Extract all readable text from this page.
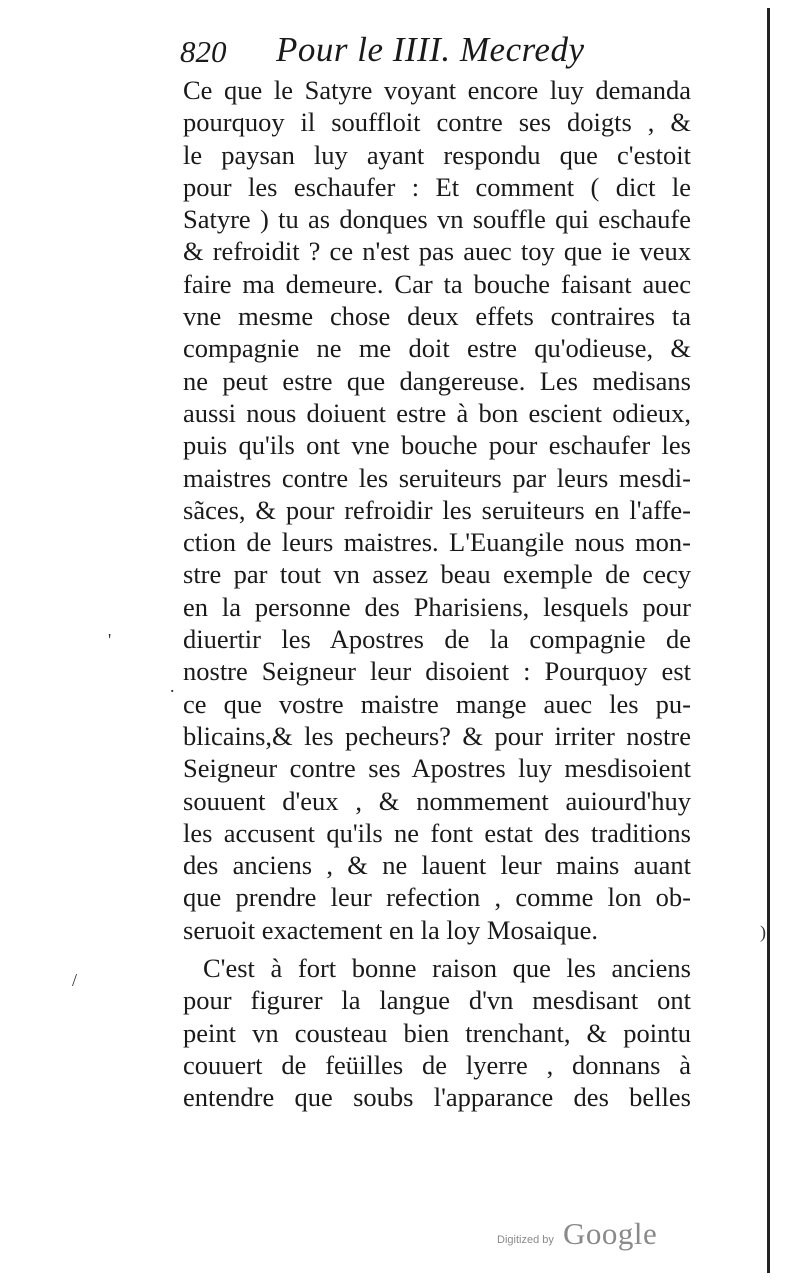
820 Pour le IIII. Mecredy
Ce que le Satyre voyant encore luy demanda
pourquoy il souffloit contre ses doigts , &
le paysan luy ayant respondu que c'estoit
pour les eschaufer : Et comment ( dict le
Satyre ) tu as donques vn souffle qui eschaufe
& refroidit ? ce n'est pas auec toy que ie veux
faire ma demeure. Car ta bouche faisant auec
vne mesme chose deux effets contraires ta
compagnie ne me doit estre qu'odieuse, &
ne peut estre que dangereuse. Les medisans
aussi nous doiuent estre à bon escient odieux,
puis qu'ils ont vne bouche pour eschaufer les
maistres contre les seruiteurs par leurs mesdi-
sãces, & pour refroidir les seruiteurs en l'affe-
ction de leurs maistres. L'Euangile nous mon-
stre par tout vn assez beau exemple de cecy
en la personne des Pharisiens, lesquels pour
diuertir les Apostres de la compagnie de
nostre Seigneur leur disoient : Pourquoy est
ce que vostre maistre mange auec les pu-
blicains,& les pecheurs? & pour irriter nostre
Seigneur contre ses Apostres luy mesdisoient
souuent d'eux , & nommement auiourd'huy
les accusent qu'ils ne font estat des traditions
des anciens , & ne lauent leur mains auant
que prendre leur refection , comme lon ob-
seruoit exactement en la loy Mosaique.
C'est à fort bonne raison que les anciens
pour figurer la langue d'vn mesdisant ont
peint vn cousteau bien trenchant, & pointu
couuert de feüilles de lyerre , donnans à
entendre que soubs l'apparance des belles
'
.
/
)
Digitized by Google
